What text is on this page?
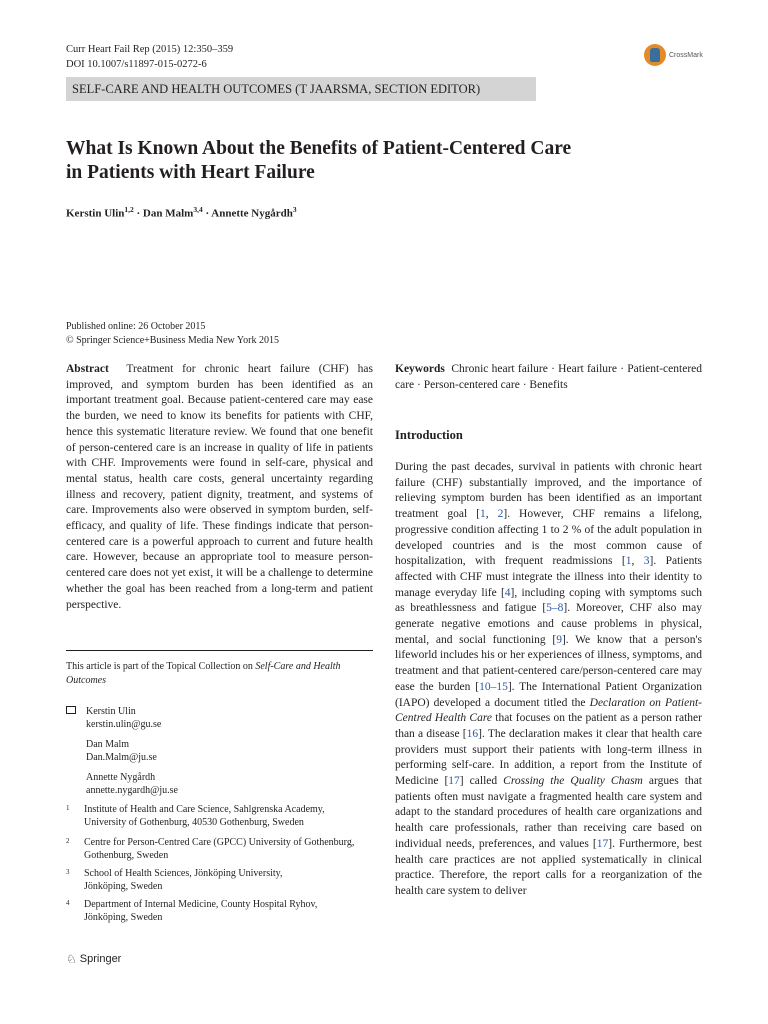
Curr Heart Fail Rep (2015) 12:350–359
DOI 10.1007/s11897-015-0272-6
CrossMark
SELF-CARE AND HEALTH OUTCOMES (T JAARSMA, SECTION EDITOR)
What Is Known About the Benefits of Patient-Centered Care
in Patients with Heart Failure
Kerstin Ulin$^{1,2}$ · Dan Malm$^{3,4}$ · Annette Nygårdh$^3$
Published online: 26 October 2015
© Springer Science+Business Media New York 2015
Abstract Treatment for chronic heart failure (CHF) has improved, and symptom burden has been identified as an important treatment goal. Because patient-centered care may ease the burden, we need to know its benefits for patients with CHF, hence this systematic literature review. We found that one benefit of person-centered care is an increase in quality of life in patients with CHF. Improvements were found in self-care, physical and mental status, health care costs, general uncertainty regarding illness and recovery, patient dignity, treatment, and systems of care. Improvements also were observed in symptom burden, self-efficacy, and quality of life. These findings indicate that person-centered care is a powerful approach to current and future health care. However, because an appropriate tool to measure person-centered care does not yet exist, it will be a challenge to determine whether the goal has been reached from a long-term and patient perspective.
Keywords Chronic heart failure · Heart failure · Patient-centered care · Person-centered care · Benefits
Introduction
During the past decades, survival in patients with chronic heart failure (CHF) substantially improved, and the importance of relieving symptom burden has been identified as an important treatment goal [1, 2]. However, CHF remains a lifelong, progressive condition affecting 1 to 2 % of the adult population in developed countries and is the most common cause of hospitalization, with frequent readmissions [1, 3]. Patients affected with CHF must integrate the illness into their identity to manage everyday life [4], including coping with symptoms such as breathlessness and fatigue [5–8]. Moreover, CHF also may generate negative emotions and cause problems in physical, mental, and social functioning [9]. We know that a person's lifeworld includes his or her experiences of illness, symptoms, and treatment and that patient-centered care/person-centered care may ease the burden [10–15]. The International Patient Organization (IAPO) developed a document titled the Declaration on Patient-Centred Health Care that focuses on the patient as a person rather than a disease [16]. The declaration makes it clear that health care providers must support their patients with long-term illness in performing self-care. In addition, a report from the Institute of Medicine [17] called Crossing the Quality Chasm argues that patients often must navigate a fragmented health care system and adapt to the standard procedures of health care organizations and health care professionals, rather than receiving care based on individual needs, preferences, and values [17]. Furthermore, best health care practices are not applied systematically in clinical practice. Therefore, the report calls for a reorganization of the health care system to deliver
This article is part of the Topical Collection on Self-Care and Health Outcomes
Kerstin Ulin
kerstin.ulin@gu.se
Dan Malm
Dan.Malm@ju.se
Annette Nygårdh
annette.nygardh@ju.se
1 Institute of Health and Care Science, Sahlgrenska Academy,
University of Gothenburg, 40530 Gothenburg, Sweden
2 Centre for Person-Centred Care (GPCC) University of Gothenburg,
Gothenburg, Sweden
3 School of Health Sciences, Jönköping University,
Jönköping, Sweden
4 Department of Internal Medicine, County Hospital Ryhov,
Jönköping, Sweden
♘ Springer
